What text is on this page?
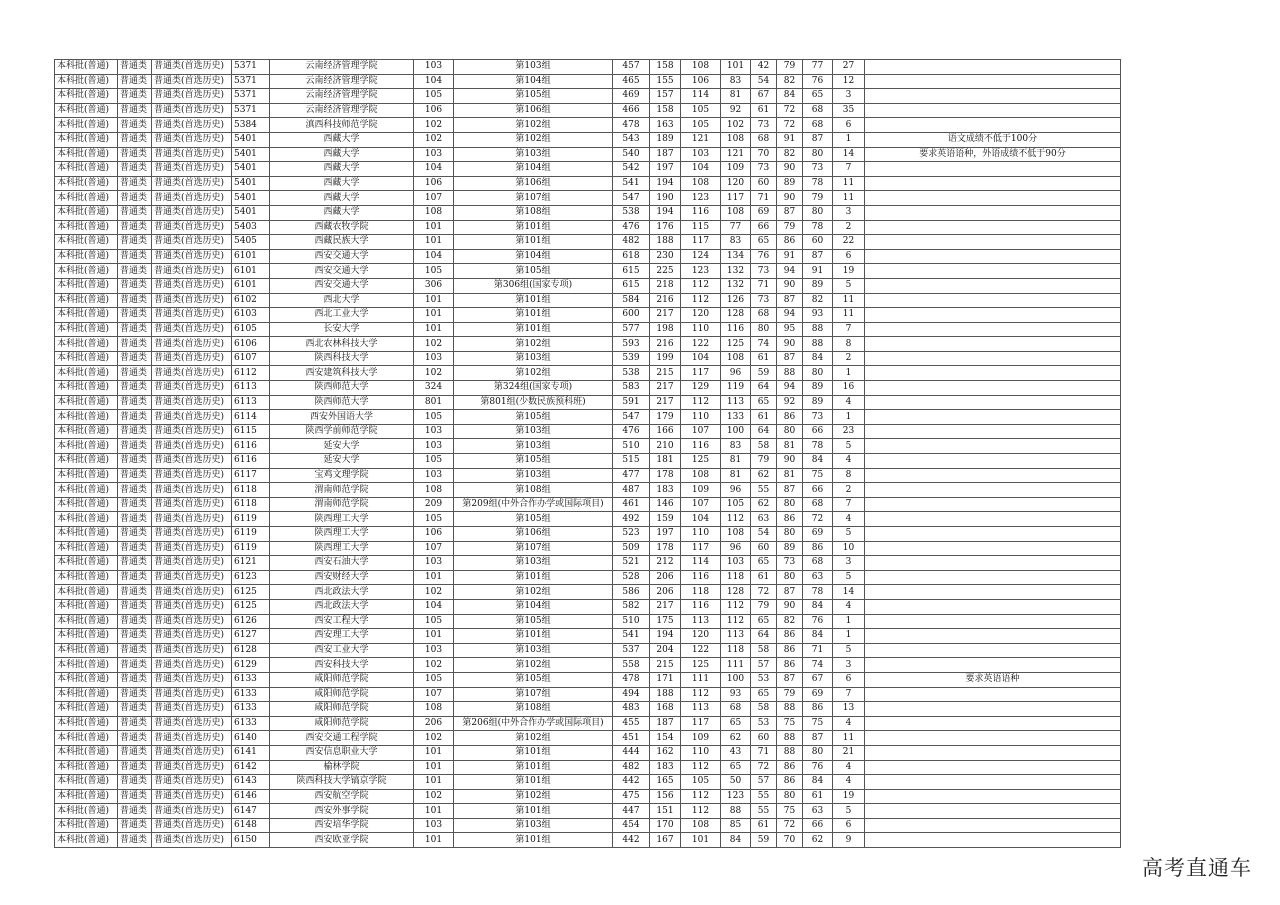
本科批(普通)	普通类	普通类(首选历史)	5371	云南经济管理学院	103	第103组	457	158	108	101	42	79	77	27	
本科批(普通)	普通类	普通类(首选历史)	5371	云南经济管理学院	104	第104组	465	155	106	83	54	82	76	12	
本科批(普通)	普通类	普通类(首选历史)	5371	云南经济管理学院	105	第105组	469	157	114	81	67	84	65	3	
本科批(普通)	普通类	普通类(首选历史)	5371	云南经济管理学院	106	第106组	466	158	105	92	61	72	68	35	
本科批(普通)	普通类	普通类(首选历史)	5384	滇西科技师范学院	102	第102组	478	163	105	102	73	72	68	6	
本科批(普通)	普通类	普通类(首选历史)	5401	西藏大学	102	第102组	543	189	121	108	68	91	87	1	语文成绩不低于100分
本科批(普通)	普通类	普通类(首选历史)	5401	西藏大学	103	第103组	540	187	103	121	70	82	80	14	要求英语语种，外语成绩不低于90分
本科批(普通)	普通类	普通类(首选历史)	5401	西藏大学	104	第104组	542	197	104	109	73	90	73	7	
本科批(普通)	普通类	普通类(首选历史)	5401	西藏大学	106	第106组	541	194	108	120	60	89	78	11	
本科批(普通)	普通类	普通类(首选历史)	5401	西藏大学	107	第107组	547	190	123	117	71	90	79	11	
本科批(普通)	普通类	普通类(首选历史)	5401	西藏大学	108	第108组	538	194	116	108	69	87	80	3	
本科批(普通)	普通类	普通类(首选历史)	5403	西藏农牧学院	101	第101组	476	176	115	77	66	79	78	2	
本科批(普通)	普通类	普通类(首选历史)	5405	西藏民族大学	101	第101组	482	188	117	83	65	86	60	22	
本科批(普通)	普通类	普通类(首选历史)	6101	西安交通大学	104	第104组	618	230	124	134	76	91	87	6	
本科批(普通)	普通类	普通类(首选历史)	6101	西安交通大学	105	第105组	615	225	123	132	73	94	91	19	
本科批(普通)	普通类	普通类(首选历史)	6101	西安交通大学	306	第306组(国家专项)	615	218	112	132	71	90	89	5	
本科批(普通)	普通类	普通类(首选历史)	6102	西北大学	101	第101组	584	216	112	126	73	87	82	11	
本科批(普通)	普通类	普通类(首选历史)	6103	西北工业大学	101	第101组	600	217	120	128	68	94	93	11	
本科批(普通)	普通类	普通类(首选历史)	6105	长安大学	101	第101组	577	198	110	116	80	95	88	7	
本科批(普通)	普通类	普通类(首选历史)	6106	西北农林科技大学	102	第102组	593	216	122	125	74	90	88	8	
本科批(普通)	普通类	普通类(首选历史)	6107	陕西科技大学	103	第103组	539	199	104	108	61	87	84	2	
本科批(普通)	普通类	普通类(首选历史)	6112	西安建筑科技大学	102	第102组	538	215	117	96	59	88	80	1	
本科批(普通)	普通类	普通类(首选历史)	6113	陕西师范大学	324	第324组(国家专项)	583	217	129	119	64	94	89	16	
本科批(普通)	普通类	普通类(首选历史)	6113	陕西师范大学	801	第801组(少数民族预科班)	591	217	112	113	65	92	89	4	
本科批(普通)	普通类	普通类(首选历史)	6114	西安外国语大学	105	第105组	547	179	110	133	61	86	73	1	
本科批(普通)	普通类	普通类(首选历史)	6115	陕西学前师范学院	103	第103组	476	166	107	100	64	80	66	23	
本科批(普通)	普通类	普通类(首选历史)	6116	延安大学	103	第103组	510	210	116	83	58	81	78	5	
本科批(普通)	普通类	普通类(首选历史)	6116	延安大学	105	第105组	515	181	125	81	79	90	84	4	
本科批(普通)	普通类	普通类(首选历史)	6117	宝鸡文理学院	103	第103组	477	178	108	81	62	81	75	8	
本科批(普通)	普通类	普通类(首选历史)	6118	渭南师范学院	108	第108组	487	183	109	96	55	87	66	2	
本科批(普通)	普通类	普通类(首选历史)	6118	渭南师范学院	209	第209组(中外合作办学或国际项目)	461	146	107	105	62	80	68	7	
本科批(普通)	普通类	普通类(首选历史)	6119	陕西理工大学	105	第105组	492	159	104	112	63	86	72	4	
本科批(普通)	普通类	普通类(首选历史)	6119	陕西理工大学	106	第106组	523	197	110	108	54	80	69	5	
本科批(普通)	普通类	普通类(首选历史)	6119	陕西理工大学	107	第107组	509	178	117	96	60	89	86	10	
本科批(普通)	普通类	普通类(首选历史)	6121	西安石油大学	103	第103组	521	212	114	103	65	73	68	3	
本科批(普通)	普通类	普通类(首选历史)	6123	西安财经大学	101	第101组	528	206	116	118	61	80	63	5	
本科批(普通)	普通类	普通类(首选历史)	6125	西北政法大学	102	第102组	586	206	118	128	72	87	78	14	
本科批(普通)	普通类	普通类(首选历史)	6125	西北政法大学	104	第104组	582	217	116	112	79	90	84	4	
本科批(普通)	普通类	普通类(首选历史)	6126	西安工程大学	105	第105组	510	175	113	112	65	82	76	1	
本科批(普通)	普通类	普通类(首选历史)	6127	西安理工大学	101	第101组	541	194	120	113	64	86	84	1	
本科批(普通)	普通类	普通类(首选历史)	6128	西安工业大学	103	第103组	537	204	122	118	58	86	71	5	
本科批(普通)	普通类	普通类(首选历史)	6129	西安科技大学	102	第102组	558	215	125	111	57	86	74	3	
本科批(普通)	普通类	普通类(首选历史)	6133	咸阳师范学院	105	第105组	478	171	111	100	53	87	67	6	要求英语语种
本科批(普通)	普通类	普通类(首选历史)	6133	咸阳师范学院	107	第107组	494	188	112	93	65	79	69	7	
本科批(普通)	普通类	普通类(首选历史)	6133	咸阳师范学院	108	第108组	483	168	113	68	58	88	86	13	
本科批(普通)	普通类	普通类(首选历史)	6133	咸阳师范学院	206	第206组(中外合作办学或国际项目)	455	187	117	65	53	75	75	4	
本科批(普通)	普通类	普通类(首选历史)	6140	西安交通工程学院	102	第102组	451	154	109	62	60	88	87	11	
本科批(普通)	普通类	普通类(首选历史)	6141	西安信息职业大学	101	第101组	444	162	110	43	71	88	80	21	
本科批(普通)	普通类	普通类(首选历史)	6142	榆林学院	101	第101组	482	183	112	65	72	86	76	4	
本科批(普通)	普通类	普通类(首选历史)	6143	陕西科技大学镐京学院	101	第101组	442	165	105	50	57	86	84	4	
本科批(普通)	普通类	普通类(首选历史)	6146	西安航空学院	102	第102组	475	156	112	123	55	80	61	19	
本科批(普通)	普通类	普通类(首选历史)	6147	西安外事学院	101	第101组	447	151	112	88	55	75	63	5	
本科批(普通)	普通类	普通类(首选历史)	6148	西安培华学院	103	第103组	454	170	108	85	61	72	66	6	
本科批(普通)	普通类	普通类(首选历史)	6150	西安欧亚学院	101	第101组	442	167	101	84	59	70	62	9	
高考直通车
